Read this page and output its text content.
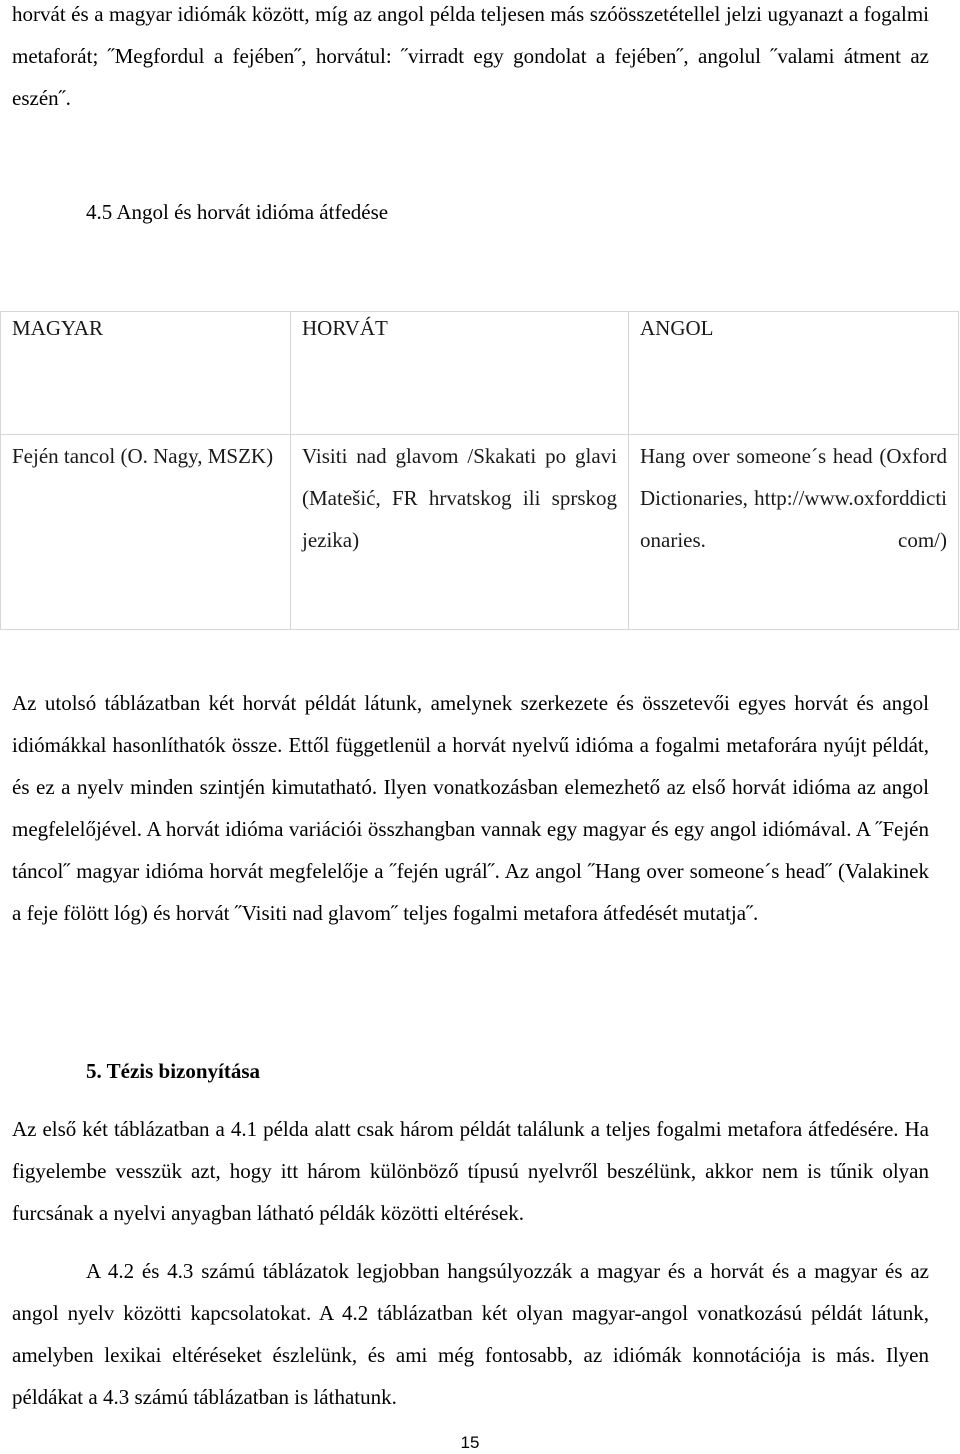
horvát és a magyar idiómák között, míg az angol példa teljesen más szóösszetétellel jelzi ugyanazt a fogalmi metaforát; ˝Megfordul a fejében˝, horvátul: ˝virradt egy gondolat a fejében˝, angolul ˝valami átment az eszén˝.

4.5 Angol és horvát idióma átfedése
MAGYAR	HORVÁT	ANGOL

Fején tancol (O. Nagy, MSZK)	Visiti nad glavom /Skakati po glavi (Matešić, FR hrvatskog ili sprskog jezika)	Hang over someone´s head (Oxford Dictionaries, http://www.oxforddictionaries. com/)

Az utolsó táblázatban két horvát példát látunk, amelynek szerkezete és összetevői egyes horvát és angol idiómákkal hasonlíthatók össze. Ettől függetlenül a horvát nyelvű idióma a fogalmi metaforára nyújt példát, és ez a nyelv minden szintjén kimutatható. Ilyen vonatkozásban elemezhető az első horvát idióma az angol megfelelőjével. A horvát idióma variációi összhangban vannak egy magyar és egy angol idiómával. A ˝Fején táncol˝ magyar idióma horvát megfelelője a ˝fején ugrál˝. Az angol ˝Hang over someone´s head˝ (Valakinek a feje fölött lóg) és horvát ˝Visiti nad glavom˝ teljes fogalmi metafora átfedését mutatja˝.

5. Tézis bizonyítása

Az első két táblázatban a 4.1 példa alatt csak három példát találunk a teljes fogalmi metafora átfedésére. Ha figyelembe vesszük azt, hogy itt három különböző típusú nyelvről beszélünk, akkor nem is tűnik olyan furcsának a nyelvi anyagban látható példák közötti eltérések.

A 4.2 és 4.3 számú táblázatok legjobban hangsúlyozzák a magyar és a horvát és a magyar és az angol nyelv közötti kapcsolatokat. A 4.2 táblázatban két olyan magyar-angol vonatkozású példát látunk, amelyben lexikai eltéréseket észlelünk, és ami még fontosabb, az idiómák konnotációja is más. Ilyen példákat a 4.3 számú táblázatban is láthatunk.

15
